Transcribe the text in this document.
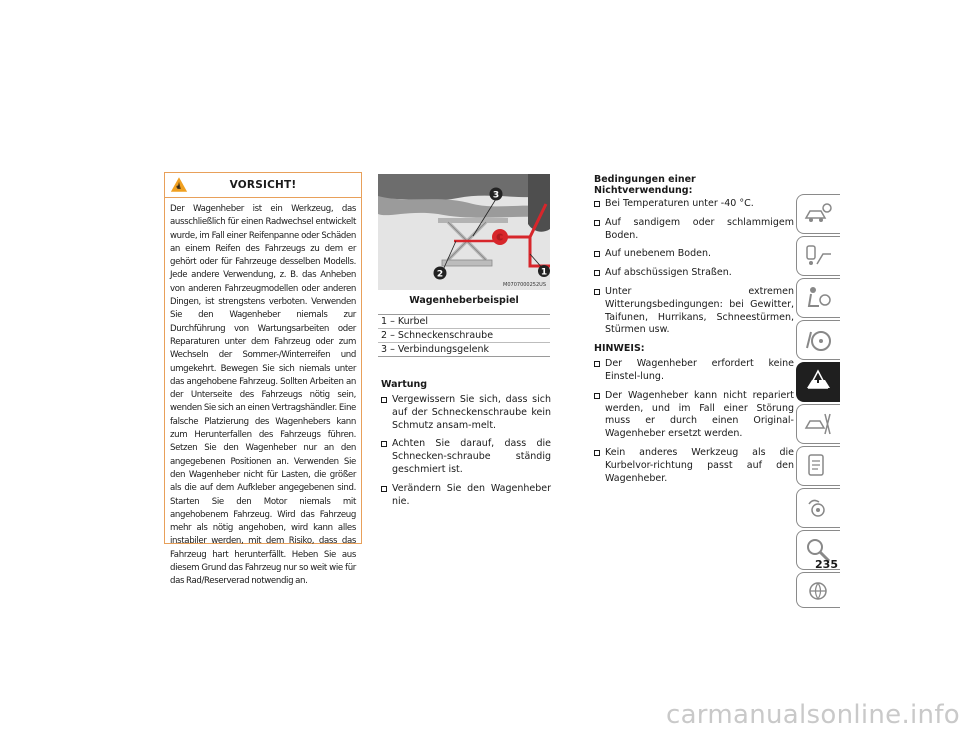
VORSICHT!
Der Wagenheber ist ein Werkzeug, das ausschließlich für einen Radwechsel entwickelt wurde, im Fall einer Reifenpanne oder Schäden an einem Reifen des Fahrzeugs zu dem er gehört oder für Fahrzeuge desselben Modells. Jede andere Verwendung, z. B. das Anheben von anderen Fahrzeugmodellen oder anderen Dingen, ist strengstens verboten. Verwenden Sie den Wagenheber niemals zur Durchführung von Wartungsarbeiten oder Reparaturen unter dem Fahrzeug oder zum Wechseln der Sommer-/Winterreifen und umgekehrt. Bewegen Sie sich niemals unter das angehobene Fahrzeug. Sollten Arbeiten an der Unterseite des Fahrzeugs nötig sein, wenden Sie sich an einen Vertragshändler. Eine falsche Platzierung des Wagenhebers kann zum Herunterfallen des Fahrzeugs führen. Setzen Sie den Wagenheber nur an den angegebenen Positionen an. Verwenden Sie den Wagenheber nicht für Lasten, die größer als die auf dem Aufkleber angegebenen sind. Starten Sie den Motor niemals mit angehobenem Fahrzeug. Wird das Fahrzeug mehr als nötig angehoben, wird kann alles instabiler werden, mit dem Risiko, dass das Fahrzeug hart herunterfällt. Heben Sie aus diesem Grund das Fahrzeug nur so weit wie für das Rad/Reserverad notwendig an.
3
2	1
M0707000252US
Wagenheberbeispiel
1 – Kurbel
2 – Schneckenschraube
3 – Verbindungsgelenk
Wartung
Vergewissern Sie sich, dass sich auf der Schneckenschraube kein Schmutz ansam-melt.
Achten Sie darauf, dass die Schnecken-schraube ständig geschmiert ist.
Verändern Sie den Wagenheber nie.
Bedingungen einer Nichtverwendung:
Bei Temperaturen unter -40 °C.
Auf sandigem oder schlammigem Boden.
Auf unebenem Boden.
Auf abschüssigen Straßen.
Unter extremen Witterungsbedingungen: bei Gewitter, Taifunen, Hurrikans, Schneestürmen, Stürmen usw.
HINWEIS:
Der Wagenheber erfordert keine Einstel-lung.
Der Wagenheber kann nicht repariert werden, und im Fall einer Störung muss er durch einen Original-Wagenheber ersetzt werden.
Kein anderes Werkzeug als die Kurbelvor-richtung passt auf den Wagenheber.
235
carmanualsonline.info
